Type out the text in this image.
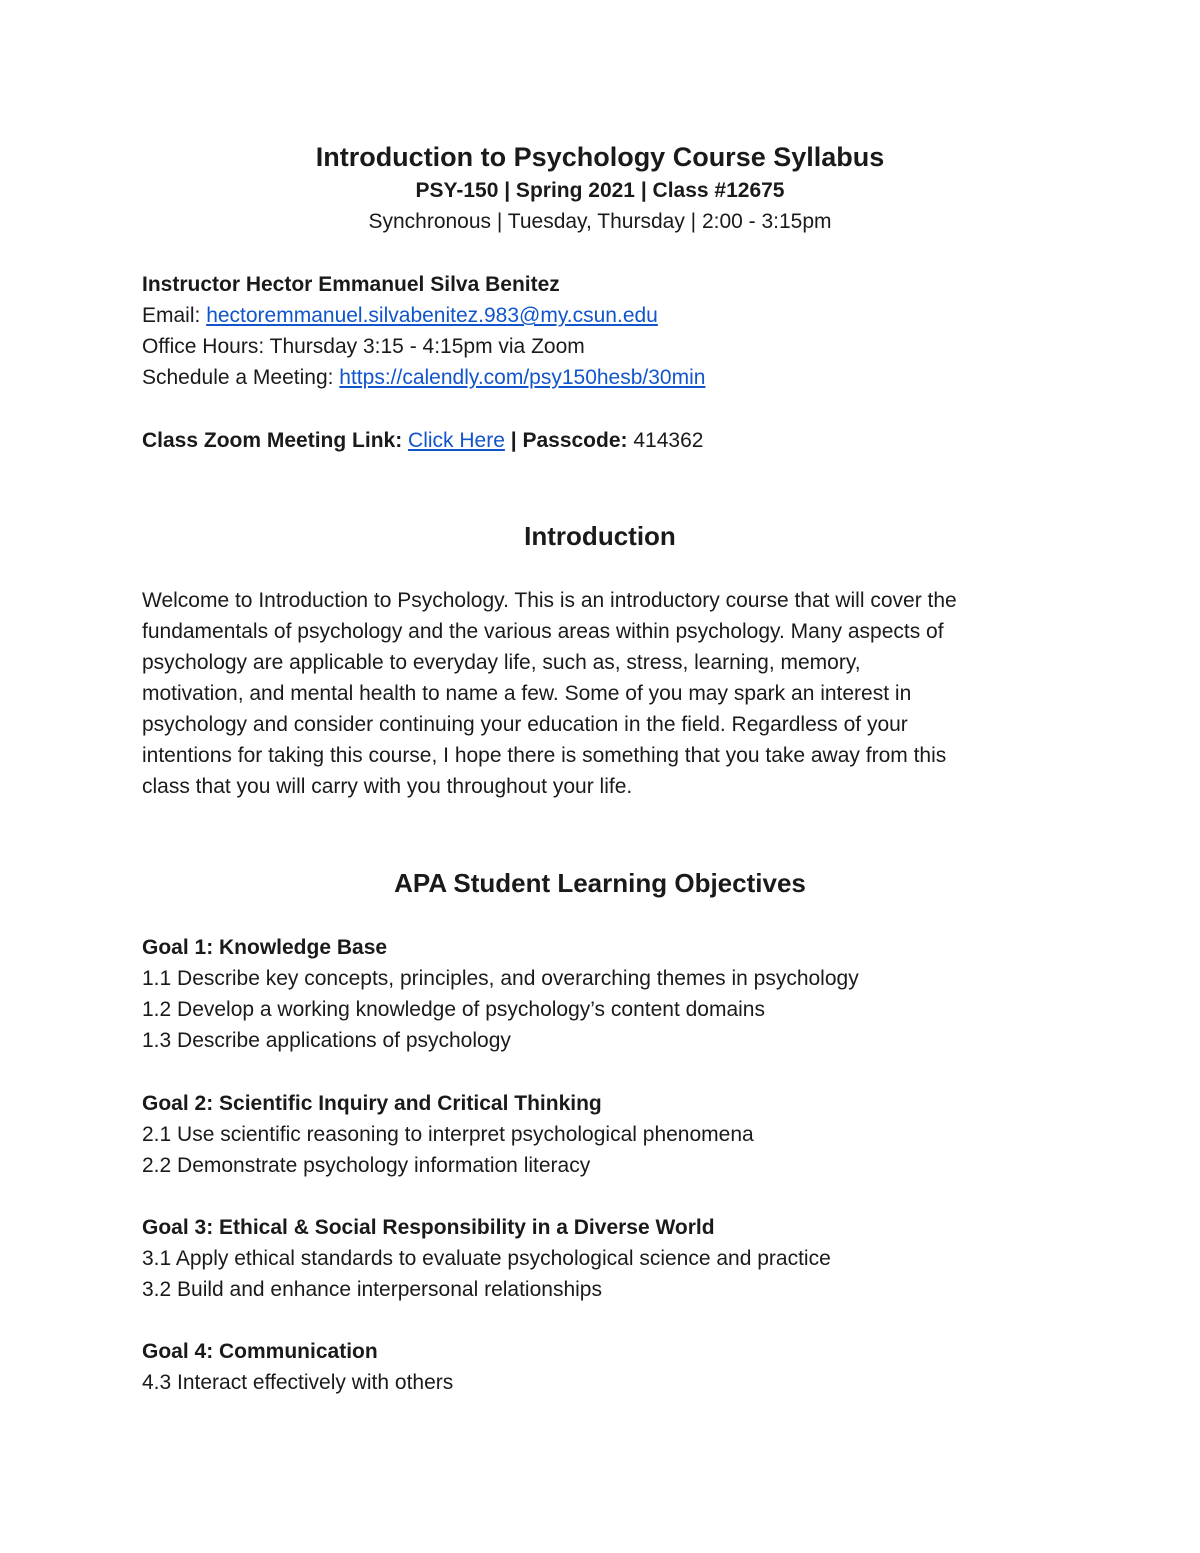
Introduction to Psychology Course Syllabus
PSY-150 | Spring 2021 | Class #12675
Synchronous | Tuesday, Thursday | 2:00 - 3:15pm
Instructor Hector Emmanuel Silva Benitez
Email: hectoremmanuel.silvabenitez.983@my.csun.edu
Office Hours: Thursday 3:15 - 4:15pm via Zoom
Schedule a Meeting: https://calendly.com/psy150hesb/30min
Class Zoom Meeting Link: Click Here | Passcode: 414362
Introduction

Welcome to Introduction to Psychology. This is an introductory course that will cover the

fundamentals of psychology and the various areas within psychology. Many aspects of

psychology are applicable to everyday life, such as, stress, learning, memory,

motivation, and mental health to name a few. Some of you may spark an interest in

psychology and consider continuing your education in the field. Regardless of your

intentions for taking this course, I hope there is something that you take away from this

class that you will carry with you throughout your life.

APA Student Learning Objectives
Goal 1: Knowledge Base
1.1 Describe key concepts, principles, and overarching themes in psychology
1.2 Develop a working knowledge of psychology’s content domains
1.3 Describe applications of psychology
Goal 2: Scientific Inquiry and Critical Thinking
2.1 Use scientific reasoning to interpret psychological phenomena
2.2 Demonstrate psychology information literacy
Goal 3: Ethical & Social Responsibility in a Diverse World
3.1 Apply ethical standards to evaluate psychological science and practice
3.2 Build and enhance interpersonal relationships
Goal 4: Communication
4.3 Interact effectively with others
